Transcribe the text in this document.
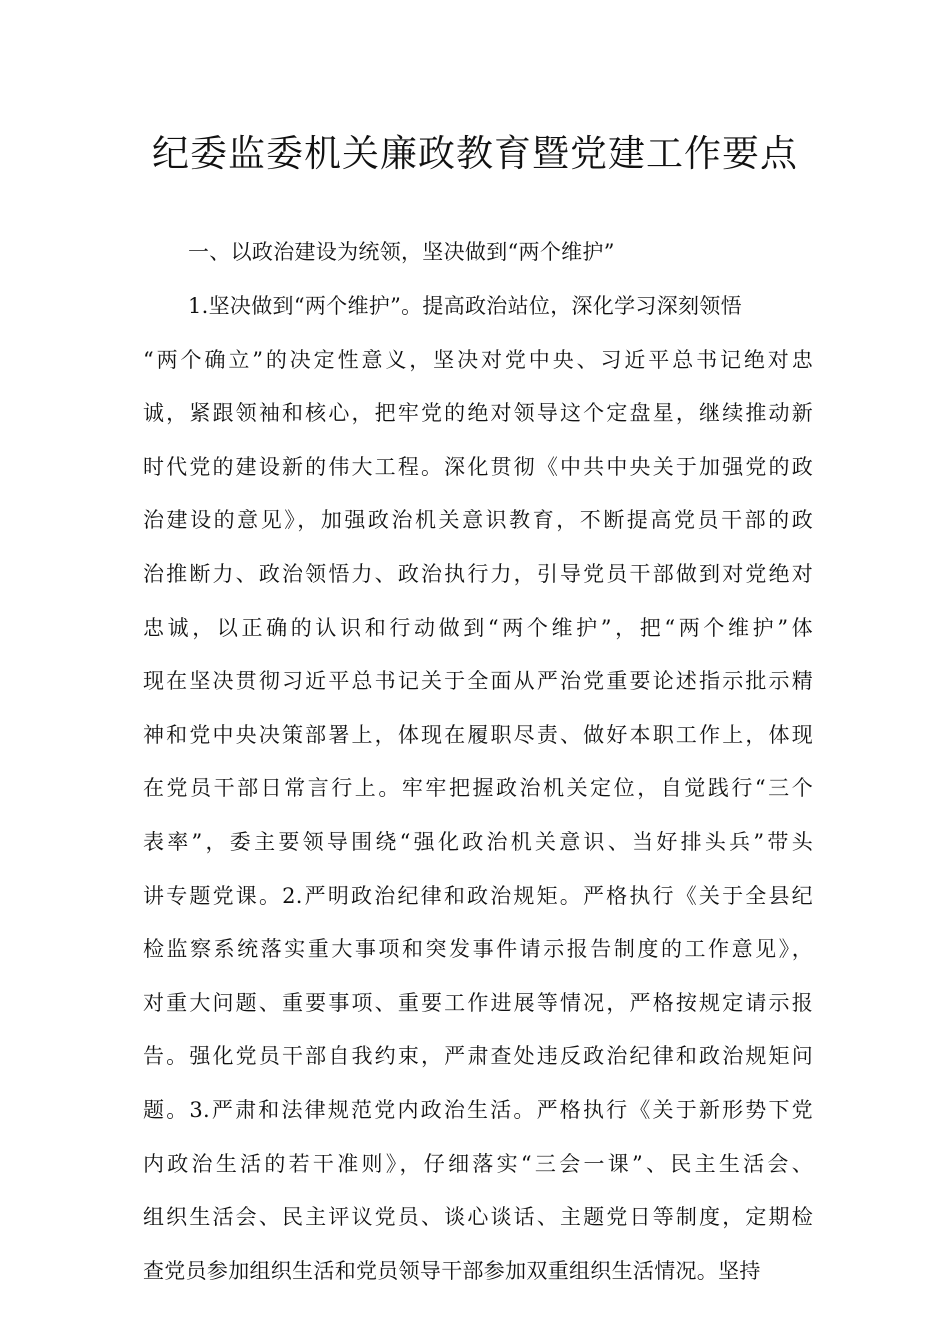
纪委监委机关廉政教育暨党建工作要点
一、以政治建设为统领，坚决做到“两个维护”
1.坚决做到“两个维护”。提高政治站位，深化学习深刻领悟
“两个确立”的决定性意义，坚决对党中央、习近平总书记绝对忠
诚，紧跟领袖和核心，把牢党的绝对领导这个定盘星，继续推动新
时代党的建设新的伟大工程。深化贯彻《中共中央关于加强党的政
治建设的意见》，加强政治机关意识教育，不断提高党员干部的政
治推断力、政治领悟力、政治执行力，引导党员干部做到对党绝对
忠诚，以正确的认识和行动做到“两个维护”，把“两个维护”体
现在坚决贯彻习近平总书记关于全面从严治党重要论述指示批示精
神和党中央决策部署上，体现在履职尽责、做好本职工作上，体现
在党员干部日常言行上。牢牢把握政治机关定位，自觉践行“三个
表率”，委主要领导围绕“强化政治机关意识、当好排头兵”带头
讲专题党课。2.严明政治纪律和政治规矩。严格执行《关于全县纪
检监察系统落实重大事项和突发事件请示报告制度的工作意见》，
对重大问题、重要事项、重要工作进展等情况，严格按规定请示报
告。强化党员干部自我约束，严肃查处违反政治纪律和政治规矩问
题。3.严肃和法律规范党内政治生活。严格执行《关于新形势下党
内政治生活的若干准则》，仔细落实“三会一课”、民主生活会、
组织生活会、民主评议党员、谈心谈话、主题党日等制度，定期检
查党员参加组织生活和党员领导干部参加双重组织生活情况。坚持
